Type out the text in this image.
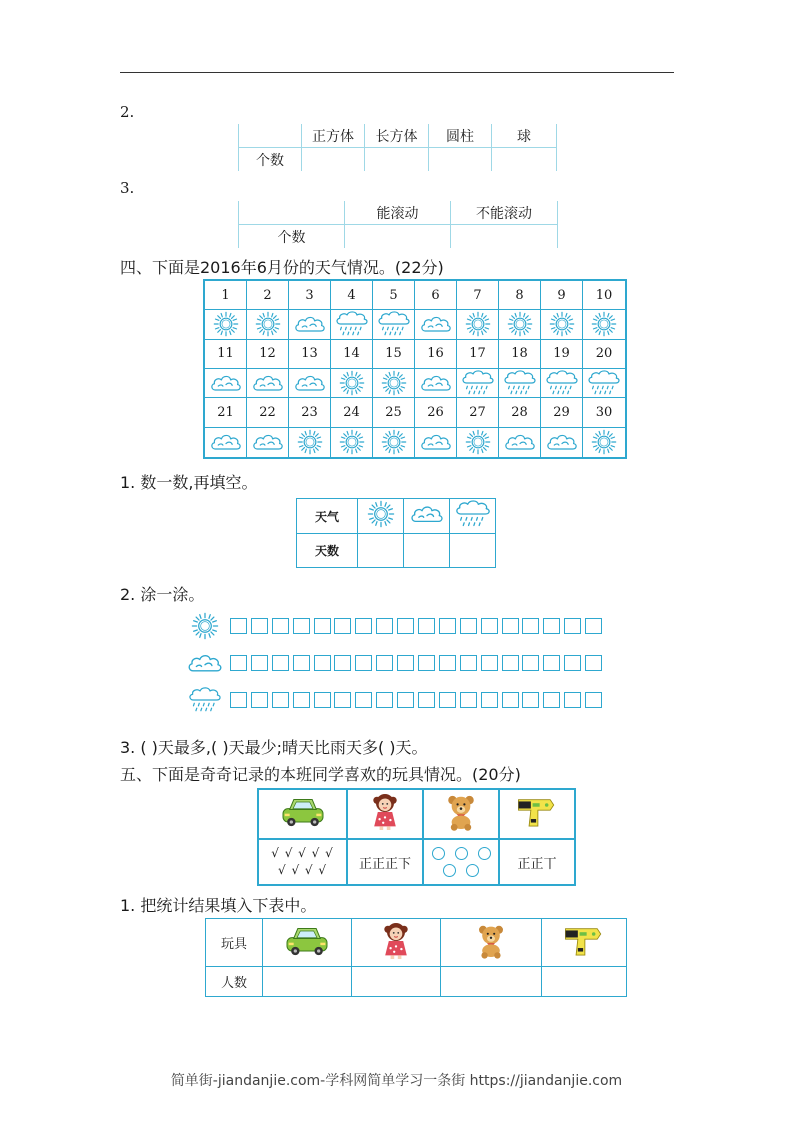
2.
	正方体	长方体	圆柱	球
个数				
3.
	能滚动	不能滚动
个数		
四、下面是2016年6月份的天气情况。(22分)
1	2	3	4	5	6	7	8	9 10
11 12 13 14 15 16 17 18 19 20
21 22 23 24 25 26 27 28 29 30
1. 数一数,再填空。
天气			
天数			
2. 涂一涂。
3. ( )天最多,( )天最少;晴天比雨天多( )天。
五、下面是奇奇记录的本班同学喜欢的玩具情况。(20分)

√ √ √ √ √
√ √ √ √	正正正下		正正丅
1. 把统计结果填入下表中。
玩具				
人数				
简单街-jiandanjie.com-学科网简单学习一条街 https://jiandanjie.com
